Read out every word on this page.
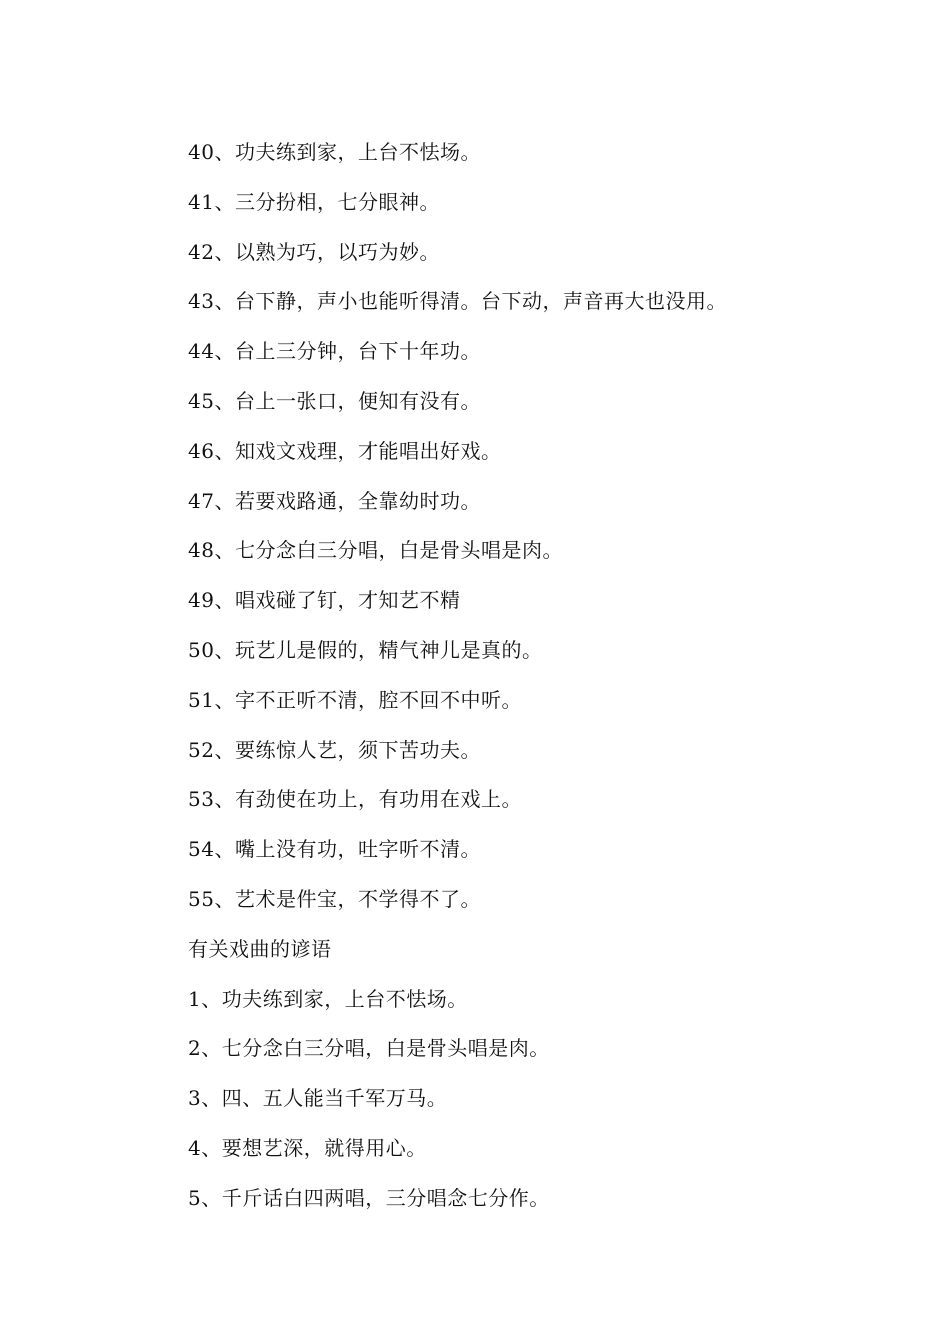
40、功夫练到家，上台不怯场。
41、三分扮相，七分眼神。
42、以熟为巧，以巧为妙。
43、台下静，声小也能听得清。台下动，声音再大也没用。
44、台上三分钟，台下十年功。
45、台上一张口，便知有没有。
46、知戏文戏理，才能唱出好戏。
47、若要戏路通，全靠幼时功。
48、七分念白三分唱，白是骨头唱是肉。
49、唱戏碰了钉，才知艺不精
50、玩艺儿是假的，精气神儿是真的。
51、字不正听不清，腔不回不中听。
52、要练惊人艺，须下苦功夫。
53、有劲使在功上，有功用在戏上。
54、嘴上没有功，吐字听不清。
55、艺术是件宝，不学得不了。
有关戏曲的谚语
1、功夫练到家，上台不怯场。
2、七分念白三分唱，白是骨头唱是肉。
3、四、五人能当千军万马。
4、要想艺深，就得用心。
5、千斤话白四两唱，三分唱念七分作。
